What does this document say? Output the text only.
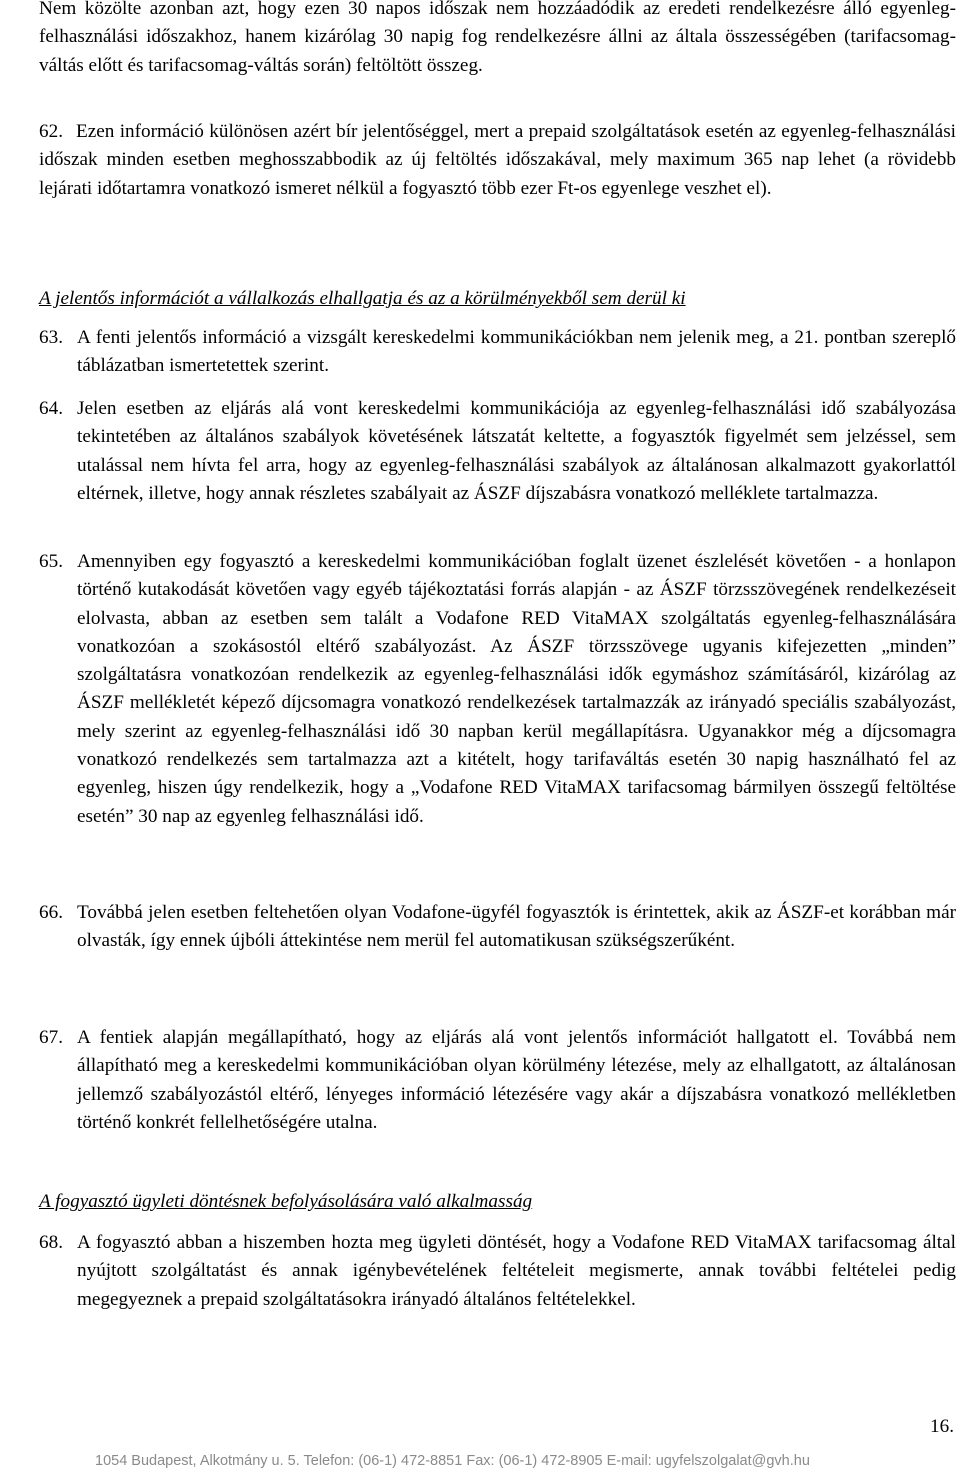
Nem közölte azonban azt, hogy ezen 30 napos időszak nem hozzáadódik az eredeti rendelkezésre álló egyenleg-felhasználási időszakhoz, hanem kizárólag 30 napig fog rendelkezésre állni az általa összességében (tarifacsomag-váltás előtt és tarifacsomag-váltás során) feltöltött összeg.

62. Ezen információ különösen azért bír jelentőséggel, mert a prepaid szolgáltatások esetén az egyenleg-felhasználási időszak minden esetben meghosszabbodik az új feltöltés időszakával, mely maximum 365 nap lehet (a rövidebb lejárati időtartamra vonatkozó ismeret nélkül a fogyasztó több ezer Ft-os egyenlege veszhet el).

A jelentős információt a vállalkozás elhallgatja és az a körülményekből sem derül ki

63. A fenti jelentős információ a vizsgált kereskedelmi kommunikációkban nem jelenik meg, a 21. pontban szereplő táblázatban ismertetettek szerint.
64. Jelen esetben az eljárás alá vont kereskedelmi kommunikációja az egyenleg-felhasználási idő szabályozása tekintetében az általános szabályok követésének látszatát keltette, a fogyasztók figyelmét sem jelzéssel, sem utalással nem hívta fel arra, hogy az egyenleg-felhasználási szabályok az általánosan alkalmazott gyakorlattól eltérnek, illetve, hogy annak részletes szabályait az ÁSZF díjszabásra vonatkozó melléklete tartalmazza.
65. Amennyiben egy fogyasztó a kereskedelmi kommunikációban foglalt üzenet észlelését követően - a honlapon történő kutakodását követően vagy egyéb tájékoztatási forrás alapján - az ÁSZF törzsszövegének rendelkezéseit elolvasta, abban az esetben sem talált a Vodafone RED VitaMAX szolgáltatás egyenleg-felhasználására vonatkozóan a szokásostól eltérő szabályozást. Az ÁSZF törzsszövege ugyanis kifejezetten „minden” szolgáltatásra vonatkozóan rendelkezik az egyenleg-felhasználási idők egymáshoz számításáról, kizárólag az ÁSZF mellékletét képező díjcsomagra vonatkozó rendelkezések tartalmazzák az irányadó speciális szabályozást, mely szerint az egyenleg-felhasználási idő 30 napban kerül megállapításra. Ugyanakkor még a díjcsomagra vonatkozó rendelkezés sem tartalmazza azt a kitételt, hogy tarifaváltás esetén 30 napig használható fel az egyenleg, hiszen úgy rendelkezik, hogy a „Vodafone RED VitaMAX tarifacsomag bármilyen összegű feltöltése esetén” 30 nap az egyenleg felhasználási idő.
66. Továbbá jelen esetben feltehetően olyan Vodafone-ügyfél fogyasztók is érintettek, akik az ÁSZF-et korábban már olvasták, így ennek újbóli áttekintése nem merül fel automatikusan szükségszerűként.
67. A fentiek alapján megállapítható, hogy az eljárás alá vont jelentős információt hallgatott el. Továbbá nem állapítható meg a kereskedelmi kommunikációban olyan körülmény létezése, mely az elhallgatott, az általánosan jellemző szabályozástól eltérő, lényeges információ létezésére vagy akár a díjszabásra vonatkozó mellékletben történő konkrét fellelhetőségére utalna.

A fogyasztó ügyleti döntésnek befolyásolására való alkalmasság

68. A fogyasztó abban a hiszemben hozta meg ügyleti döntését, hogy a Vodafone RED VitaMAX tarifacsomag által nyújtott szolgáltatást és annak igénybevételének feltételeit megismerte, annak további feltételei pedig megegyeznek a prepaid szolgáltatásokra irányadó általános feltételekkel.
16.
1054 Budapest, Alkotmány u. 5. Telefon: (06-1) 472-8851 Fax: (06-1) 472-8905 E-mail: ugyfelszolgalat@gvh.hu
